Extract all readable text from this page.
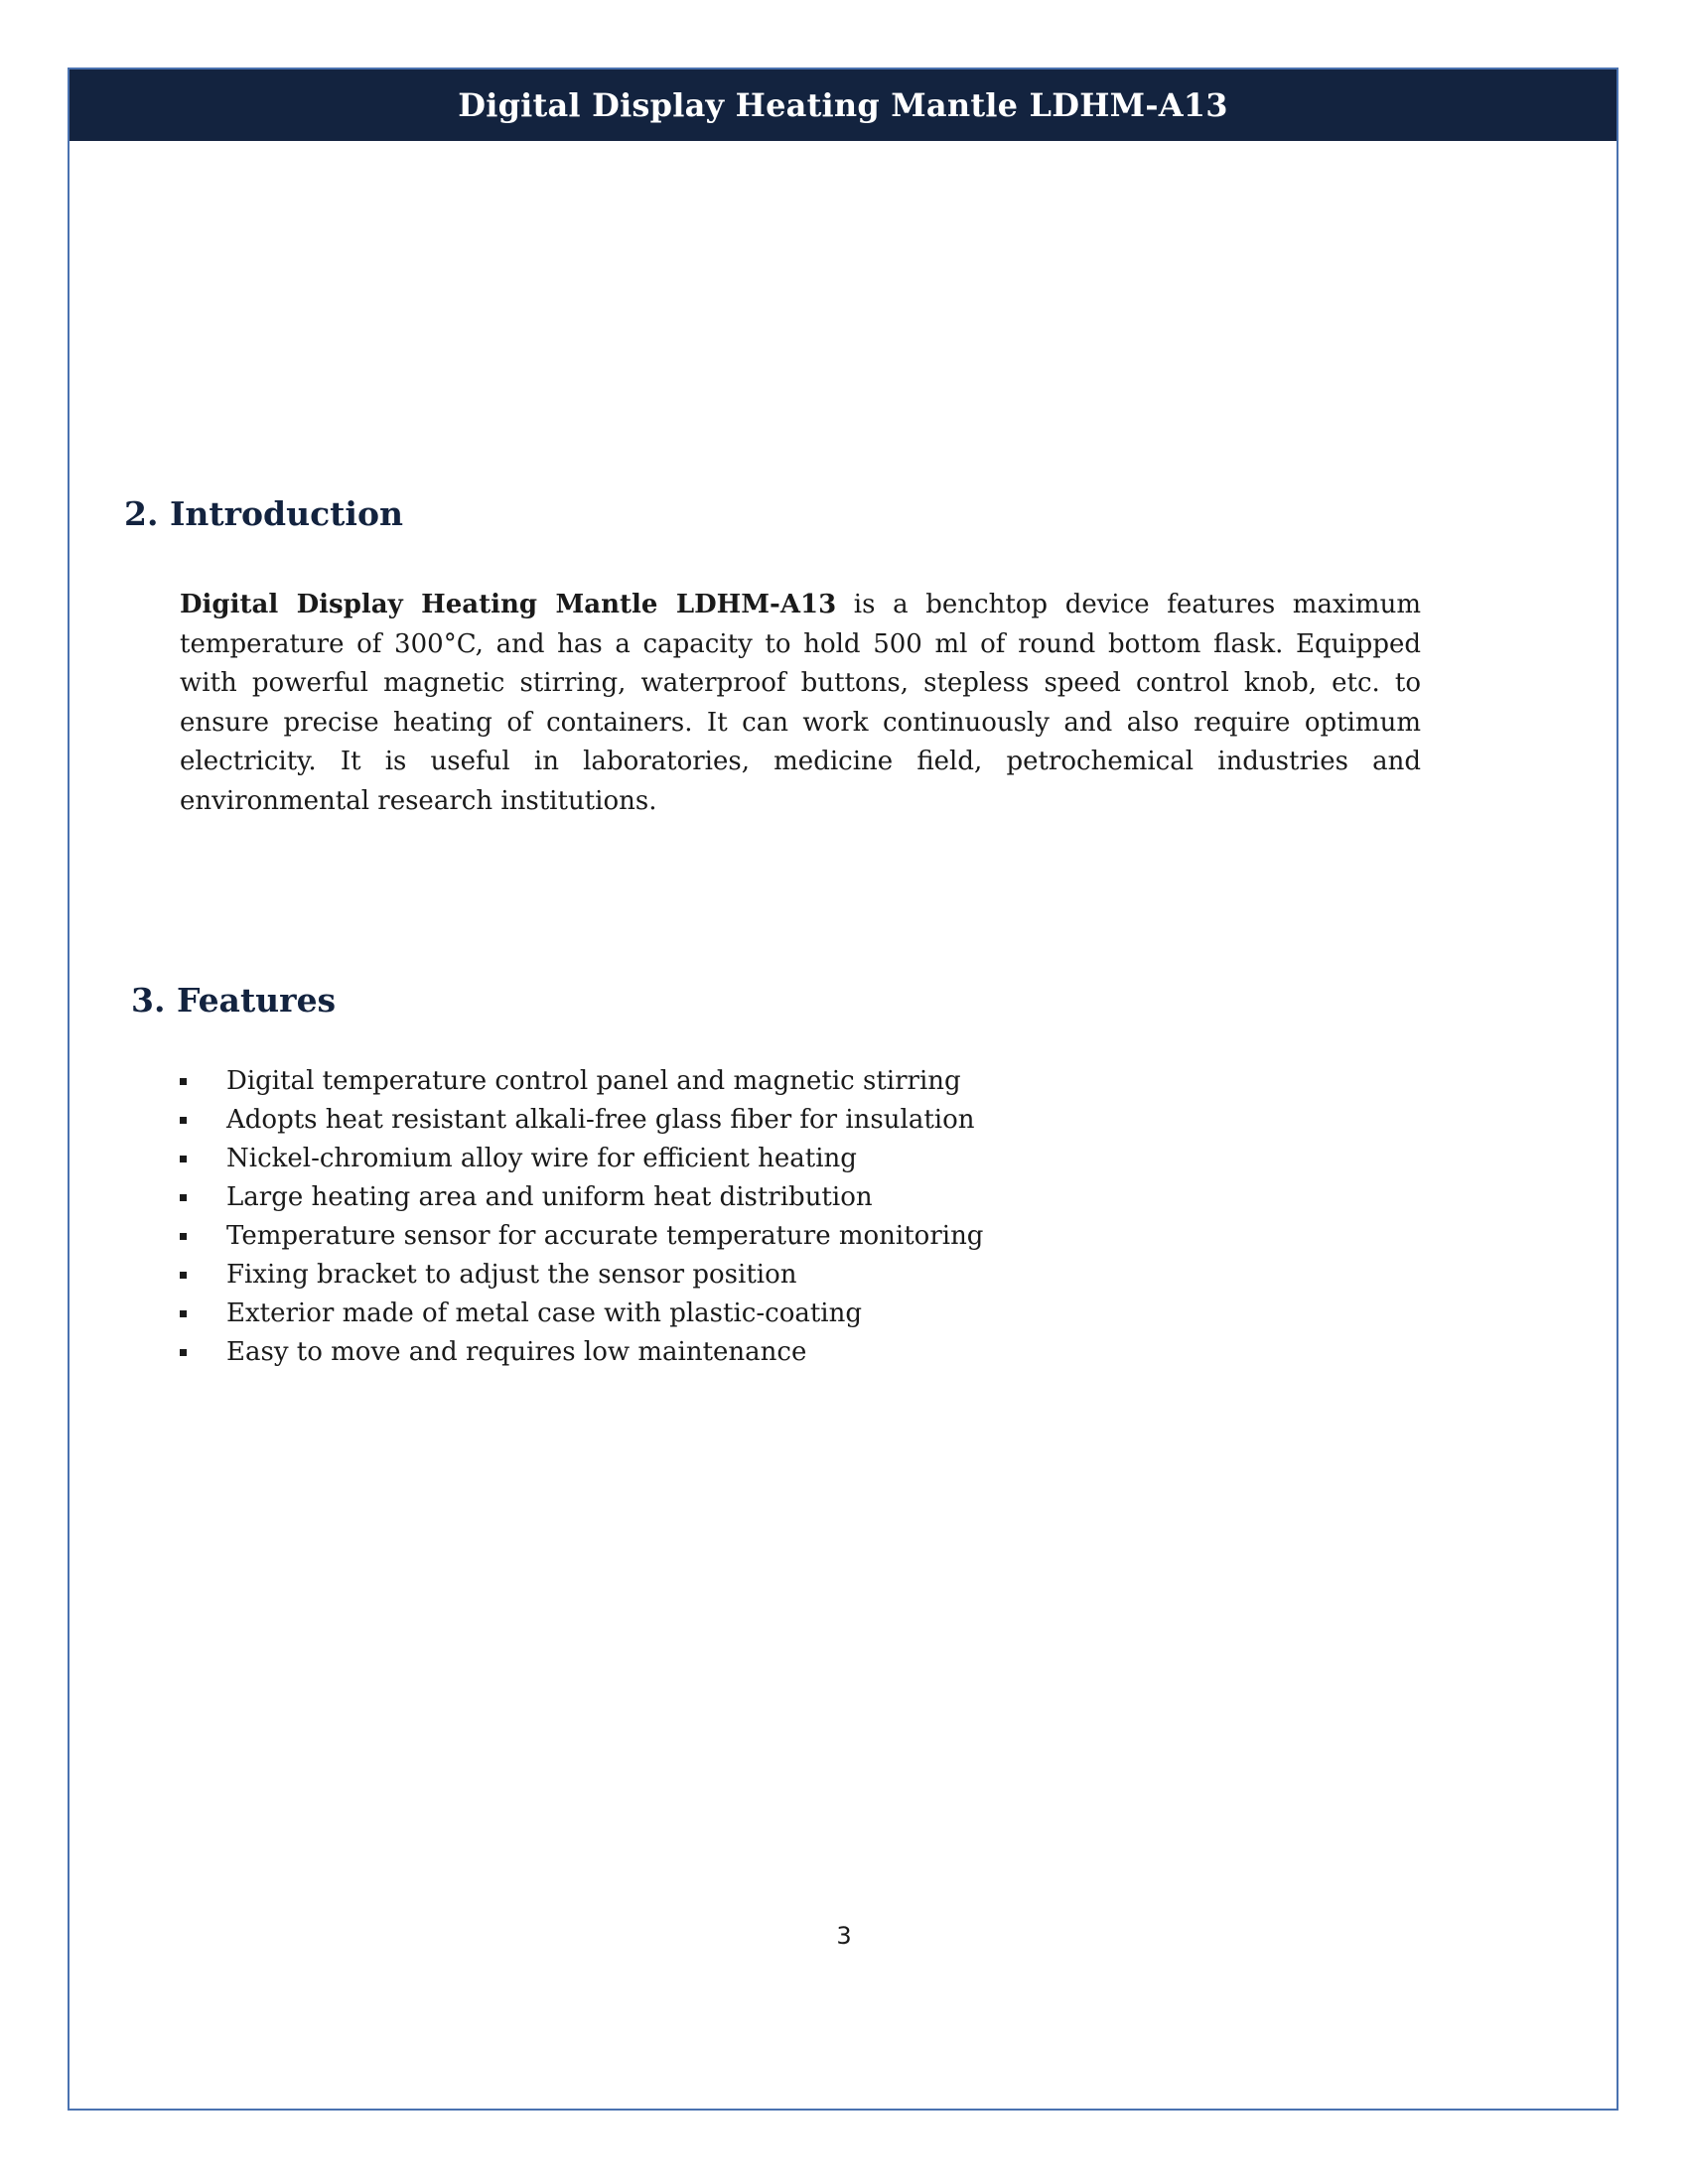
Digital Display Heating Mantle LDHM-A13
2. Introduction

Digital Display Heating Mantle LDHM-A13 is a benchtop device features maximum temperature of 300°C, and has a capacity to hold 500 ml of round bottom flask. Equipped with powerful magnetic stirring, waterproof buttons, stepless speed control knob, etc. to ensure precise heating of containers. It can work continuously and also require optimum electricity. It is useful in laboratories, medicine field, petrochemical industries and environmental research institutions.

3. Features
Digital temperature control panel and magnetic stirring
Adopts heat resistant alkali-free glass fiber for insulation
Nickel-chromium alloy wire for efficient heating
Large heating area and uniform heat distribution
Temperature sensor for accurate temperature monitoring
Fixing bracket to adjust the sensor position
Exterior made of metal case with plastic-coating
Easy to move and requires low maintenance
3
